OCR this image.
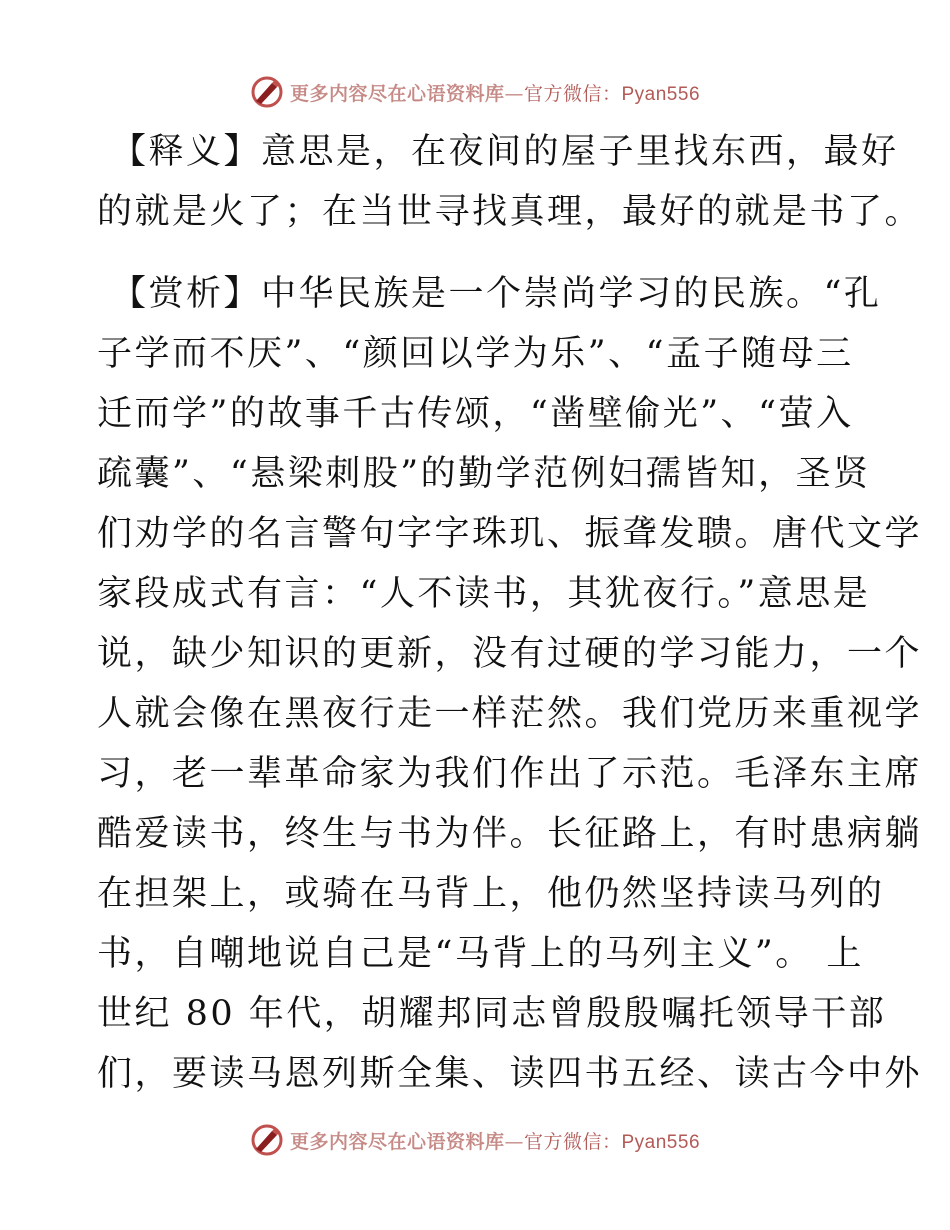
更多内容尽在心语资料库—官方微信：Pyan556
【释义】意思是，在夜间的屋子里找东西，最好
的就是火了；在当世寻找真理，最好的就是书了。
【赏析】中华民族是一个崇尚学习的民族。“孔
子学而不厌”、“颜回以学为乐”、“孟子随母三
迁而学”的故事千古传颂，“凿壁偷光”、“萤入
疏囊”、“悬梁刺股”的勤学范例妇孺皆知，圣贤
们劝学的名言警句字字珠玑、振聋发聩。唐代文学
家段成式有言：“人不读书，其犹夜行。”意思是
说，缺少知识的更新，没有过硬的学习能力，一个
人就会像在黑夜行走一样茫然。我们党历来重视学
习，老一辈革命家为我们作出了示范。毛泽东主席
酷爱读书，终生与书为伴。长征路上，有时患病躺
在担架上，或骑在马背上，他仍然坚持读马列的
书，自嘲地说自己是“马背上的马列主义”。 上
世纪 80 年代，胡耀邦同志曾殷殷嘱托领导干部
们，要读马恩列斯全集、读四书五经、读古今中外
更多内容尽在心语资料库—官方微信：Pyan556
